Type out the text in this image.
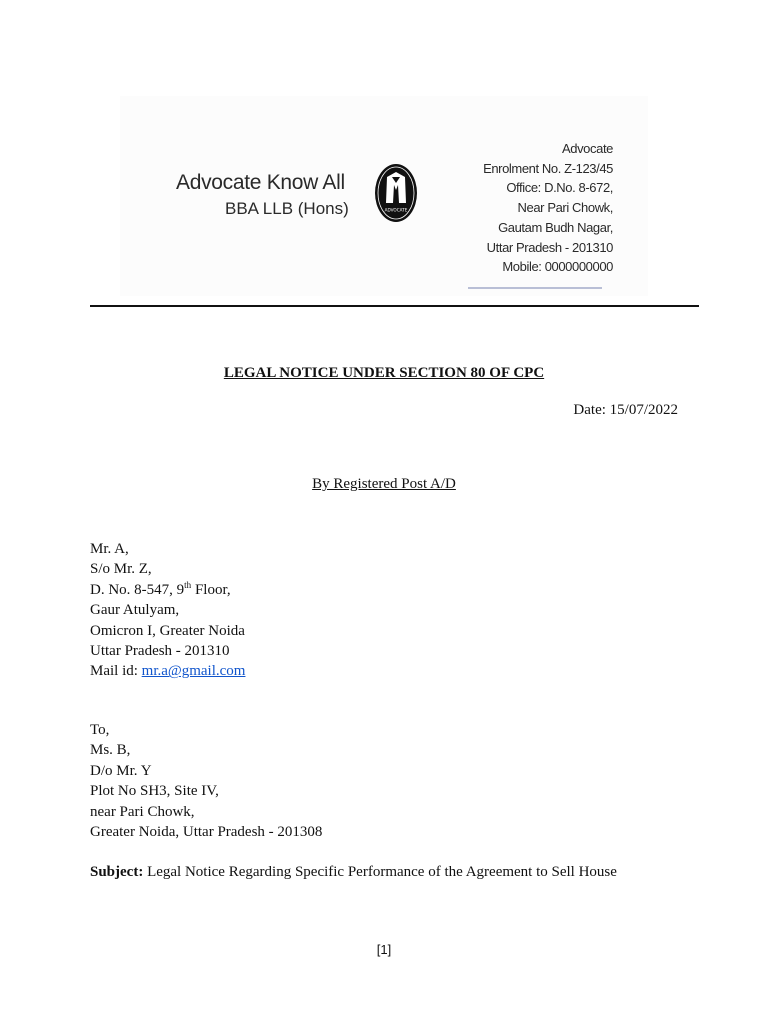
Advocate Know All
BBA LLB (Hons)	ADVOCATE
Advocate
Enrolment No. Z-123/45
Office: D.No. 8-672,
Near Pari Chowk,
Gautam Budh Nagar,
Uttar Pradesh - 201310
Mobile: 0000000000
LEGAL NOTICE UNDER SECTION 80 OF CPC
Date: 15/07/2022
By Registered Post A/D
Mr. A,
S/o Mr. Z,
D. No. 8-547, 9th Floor,
Gaur Atulyam,
Omicron I, Greater Noida
Uttar Pradesh - 201310
Mail id: mr.a@gmail.com
To,
Ms. B,
D/o Mr. Y
Plot No SH3, Site IV,
near Pari Chowk,
Greater Noida, Uttar Pradesh - 201308
Subject: Legal Notice Regarding Specific Performance of the Agreement to Sell House
[1]
